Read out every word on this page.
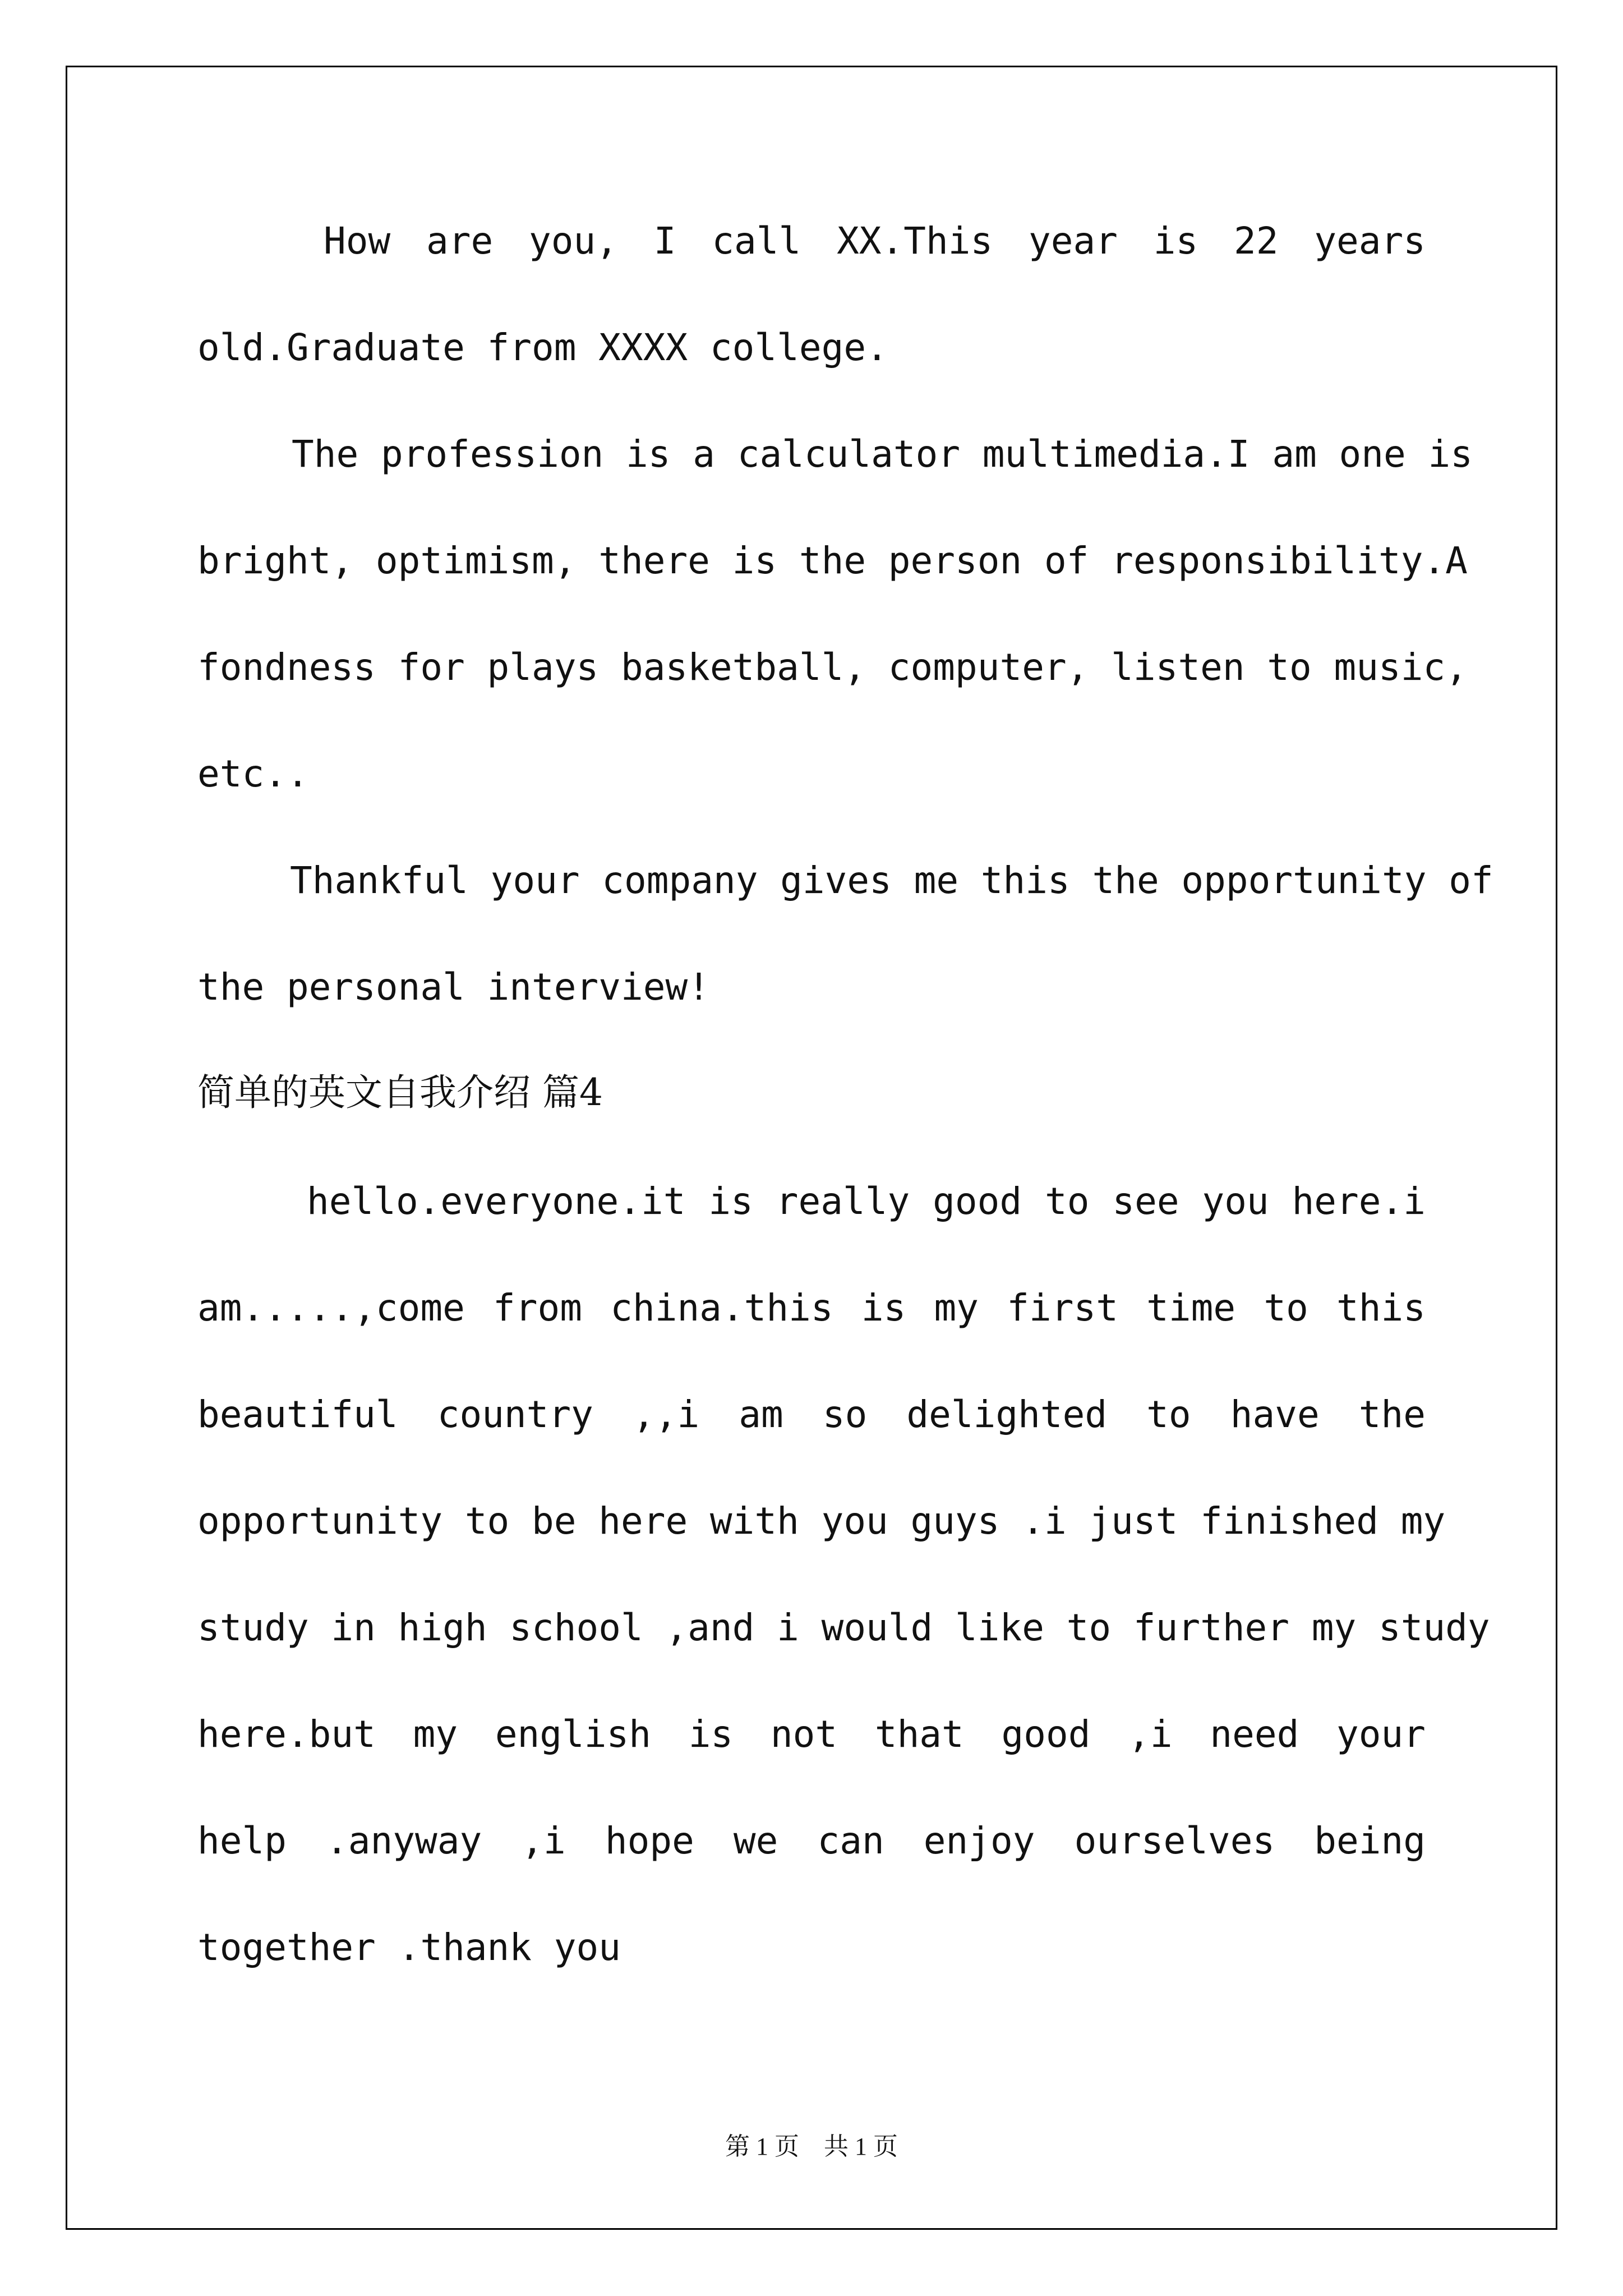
How are you, I call XX.This year is 22 years
old.Graduate from XXXX college.
The profession is a calculator multimedia.I am one is
bright, optimism, there is the person of responsibility.A
fondness for plays basketball, computer, listen to music,
etc..
Thankful your company gives me this the opportunity of
the personal interview!
简单的英文自我介绍 篇4
hello.everyone.it is really good to see you here.i
am.....,come from china.this is my first time to this
beautiful country ,,i am so delighted to have the
opportunity to be here with you guys .i just finished my
study in high school ,and i would like to further my study
here.but my english is not that good ,i need your
help .anyway ,i hope we can enjoy ourselves being
together .thank you
第 1 页　共 1 页
